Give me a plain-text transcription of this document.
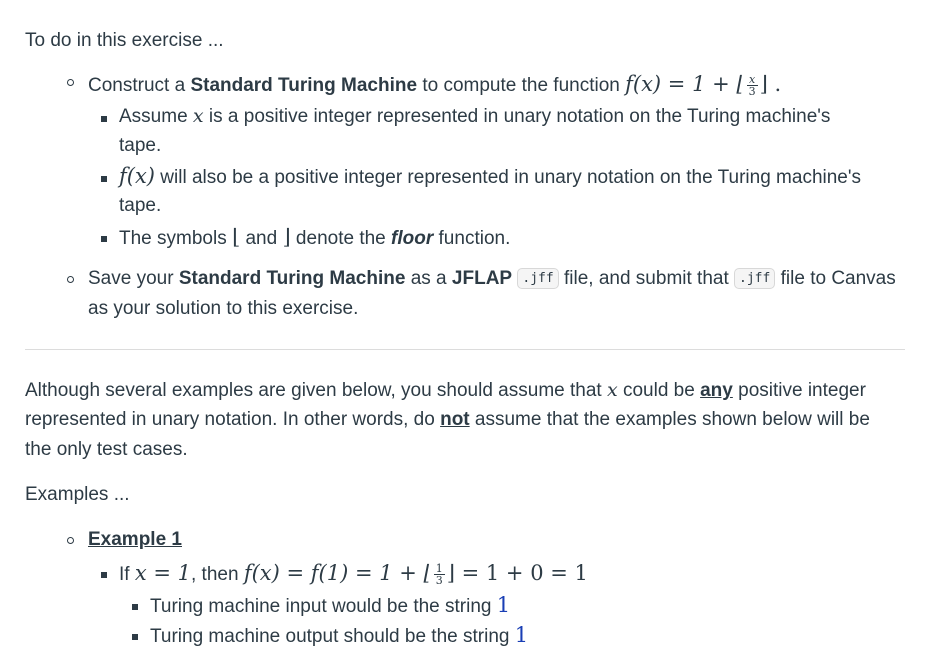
To do in this exercise ...
Construct a Standard Turing Machine to compute the function f(x) = 1 + ⌊ $\frac{x}{3}$ ⌋ .
Assume x is a positive integer represented in unary notation on the Turing machine's
tape.
f(x) will also be a positive integer represented in unary notation on the Turing machine's
tape.
The symbols ⌊ and ⌋ denote the floor function.
Save your Standard Turing Machine as a JFLAP .jff file, and submit that .jff file to Canvas
as your solution to this exercise.
Although several examples are given below, you should assume that x could be any positive integer
represented in unary notation. In other words, do not assume that the examples shown below will be
the only test cases.
Examples ...
Example 1
If x = 1, then f(x) = f(1) = 1 + ⌊ $\frac{1}{3}$ ⌋ = 1 + 0 = 1
Turing machine input would be the string 1
Turing machine output should be the string 1
